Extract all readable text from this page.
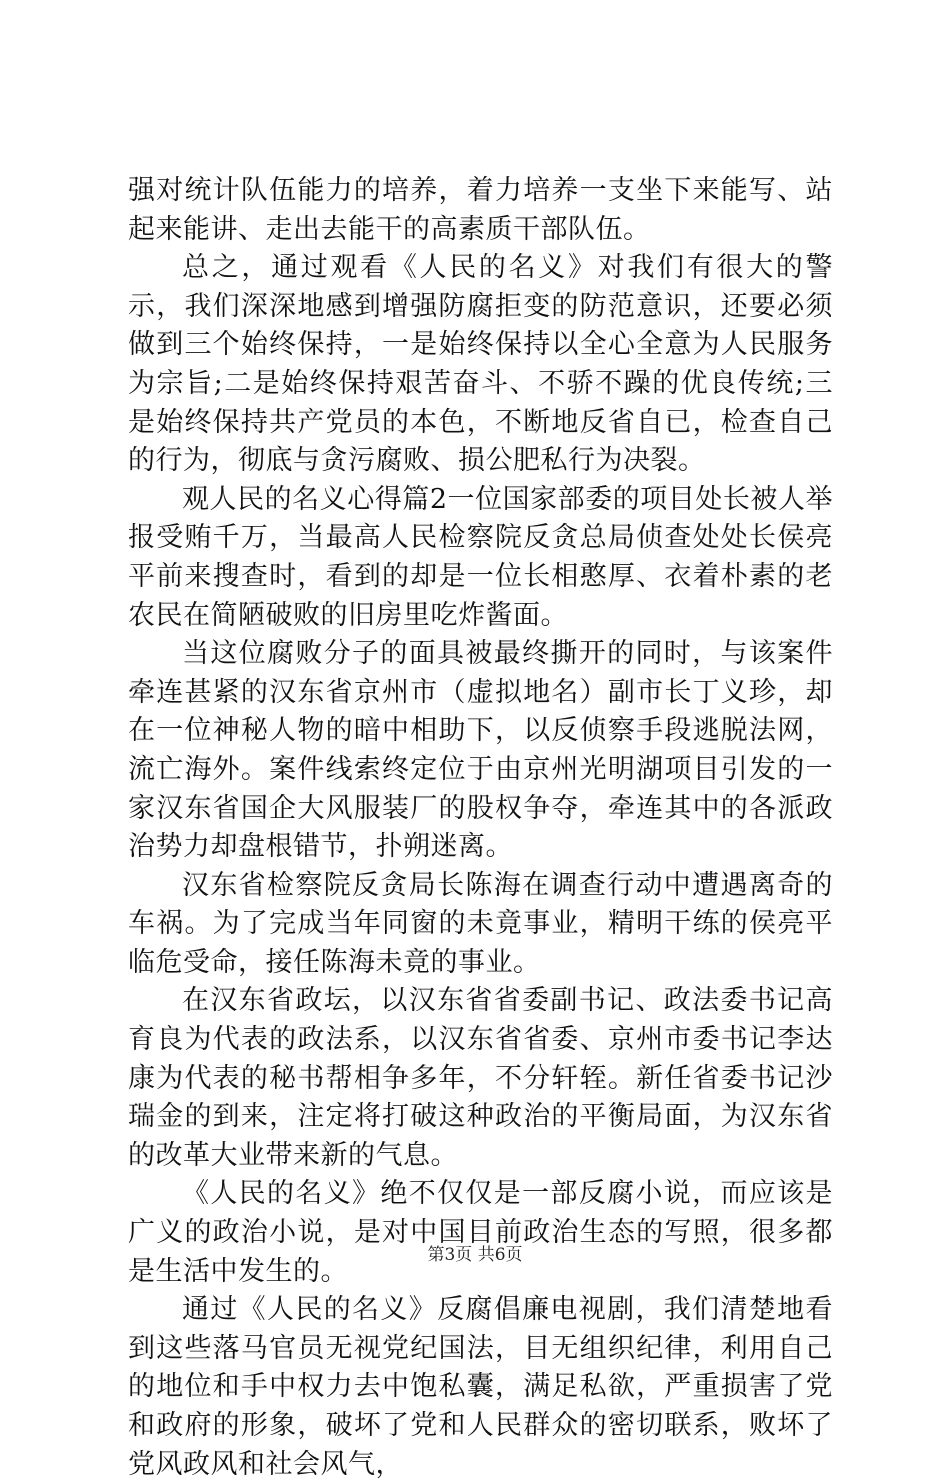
强对统计队伍能力的培养，着力培养一支坐下来能写、站起来能讲、走出去能干的高素质干部队伍。

总之，通过观看《人民的名义》对我们有很大的警示，我们深深地感到增强防腐拒变的防范意识，还要必须做到三个始终保持，一是始终保持以全心全意为人民服务为宗旨;二是始终保持艰苦奋斗、不骄不躁的优良传统;三是始终保持共产党员的本色，不断地反省自已，检查自己的行为，彻底与贪污腐败、损公肥私行为决裂。

观人民的名义心得篇2一位国家部委的项目处长被人举报受贿千万，当最高人民检察院反贪总局侦查处处长侯亮平前来搜查时，看到的却是一位长相憨厚、衣着朴素的老农民在简陋破败的旧房里吃炸酱面。

当这位腐败分子的面具被最终撕开的同时，与该案件牵连甚紧的汉东省京州市（虚拟地名）副市长丁义珍，却在一位神秘人物的暗中相助下，以反侦察手段逃脱法网，流亡海外。案件线索终定位于由京州光明湖项目引发的一家汉东省国企大风服装厂的股权争夺，牵连其中的各派政治势力却盘根错节，扑朔迷离。

汉东省检察院反贪局长陈海在调查行动中遭遇离奇的车祸。为了完成当年同窗的未竟事业，精明干练的侯亮平临危受命，接任陈海未竟的事业。

在汉东省政坛，以汉东省省委副书记、政法委书记高育良为代表的政法系，以汉东省省委、京州市委书记李达康为代表的秘书帮相争多年，不分轩轾。新任省委书记沙瑞金的到来，注定将打破这种政治的平衡局面，为汉东省的改革大业带来新的气息。

《人民的名义》绝不仅仅是一部反腐小说，而应该是广义的政治小说，是对中国目前政治生态的写照，很多都是生活中发生的。

通过《人民的名义》反腐倡廉电视剧，我们清楚地看到这些落马官员无视党纪国法，目无组织纪律，利用自己的地位和手中权力去中饱私囊，满足私欲，严重损害了党和政府的形象，破坏了党和人民群众的密切联系，败坏了党风政风和社会风气，

第3页 共6页
